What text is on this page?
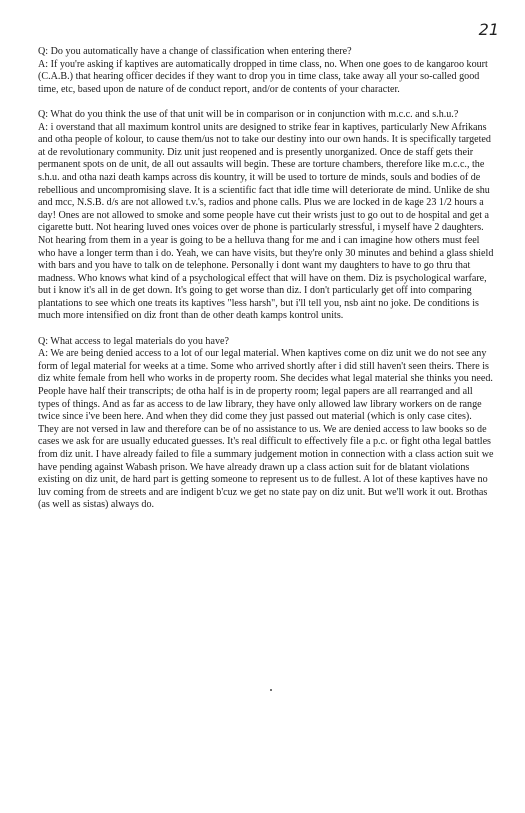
21

Q: Do you automatically have a change of classification when entering there?

A: If you're asking if kaptives are automatically dropped in time class, no. When one goes to de kangaroo kourt (C.A.B.) that hearing officer decides if they want to drop you in time class, take away all your so-called good time, etc, based upon de nature of de conduct report, and/or de contents of your character.

Q: What do you think the use of that unit will be in comparison or in conjunction with m.c.c. and s.h.u.?

A: i overstand that all maximum kontrol units are designed to strike fear in kaptives, particularly New Afrikans and otha people of kolour, to cause them/us not to take our destiny into our own hands. It is specifically targeted at de revolutionary community. Diz unit just reopened and is presently unorganized. Once de staff gets their permanent spots on de unit, de all out assaults will begin. These are torture chambers, therefore like m.c.c., the s.h.u. and otha nazi death kamps across dis kountry, it will be used to torture de minds, souls and bodies of de rebellious and uncompromising slave. It is a scientific fact that idle time will deteriorate de mind. Unlike de shu and mcc, N.S.B. d/s are not allowed t.v.'s, radios and phone calls. Plus we are locked in de kage 23 1/2 hours a day! Ones are not allowed to smoke and some people have cut their wrists just to go out to de hospital and get a cigarette butt. Not hearing luved ones voices over de phone is particularly stressful, i myself have 2 daughters. Not hearing from them in a year is going to be a helluva thang for me and i can imagine how others must feel who have a longer term than i do. Yeah, we can have visits, but they're only 30 minutes and behind a glass shield with bars and you have to talk on de telephone. Personally i dont want my daughters to have to go thru that madness. Who knows what kind of a psychological effect that will have on them. Diz is psychological warfare, but i know it's all in de get down. It's going to get worse than diz. I don't particularly get off into comparing plantations to see which one treats its kaptives "less harsh", but i'll tell you, nsb aint no joke. De conditions is much more intensified on diz front than de other death kamps kontrol units.

Q: What access to legal materials do you have?

A: We are being denied access to a lot of our legal material. When kaptives come on diz unit we do not see any form of legal material for weeks at a time. Some who arrived shortly after i did still haven't seen theirs. There is diz white female from hell who works in de property room. She decides what legal material she thinks you need. People have half their transcripts; de otha half is in de property room; legal papers are all rearranged and all types of things. And as far as access to de law library, they have only allowed law library workers on de range twice since i've been here. And when they did come they just passed out material (which is only case cites). They are not versed in law and therefore can be of no assistance to us. We are denied access to law books so de cases we ask for are usually educated guesses. It's real difficult to effectively file a p.c. or fight otha legal battles from diz unit. I have already failed to file a summary judgement motion in connection with a class action suit we have pending against Wabash prison. We have already drawn up a class action suit for de blatant violations existing on diz unit, de hard part is getting someone to represent us to de fullest. A lot of these kaptives have no luv coming from de streets and are indigent b'cuz we get no state pay on diz unit. But we'll work it out. Brothas (as well as sistas) always do.
